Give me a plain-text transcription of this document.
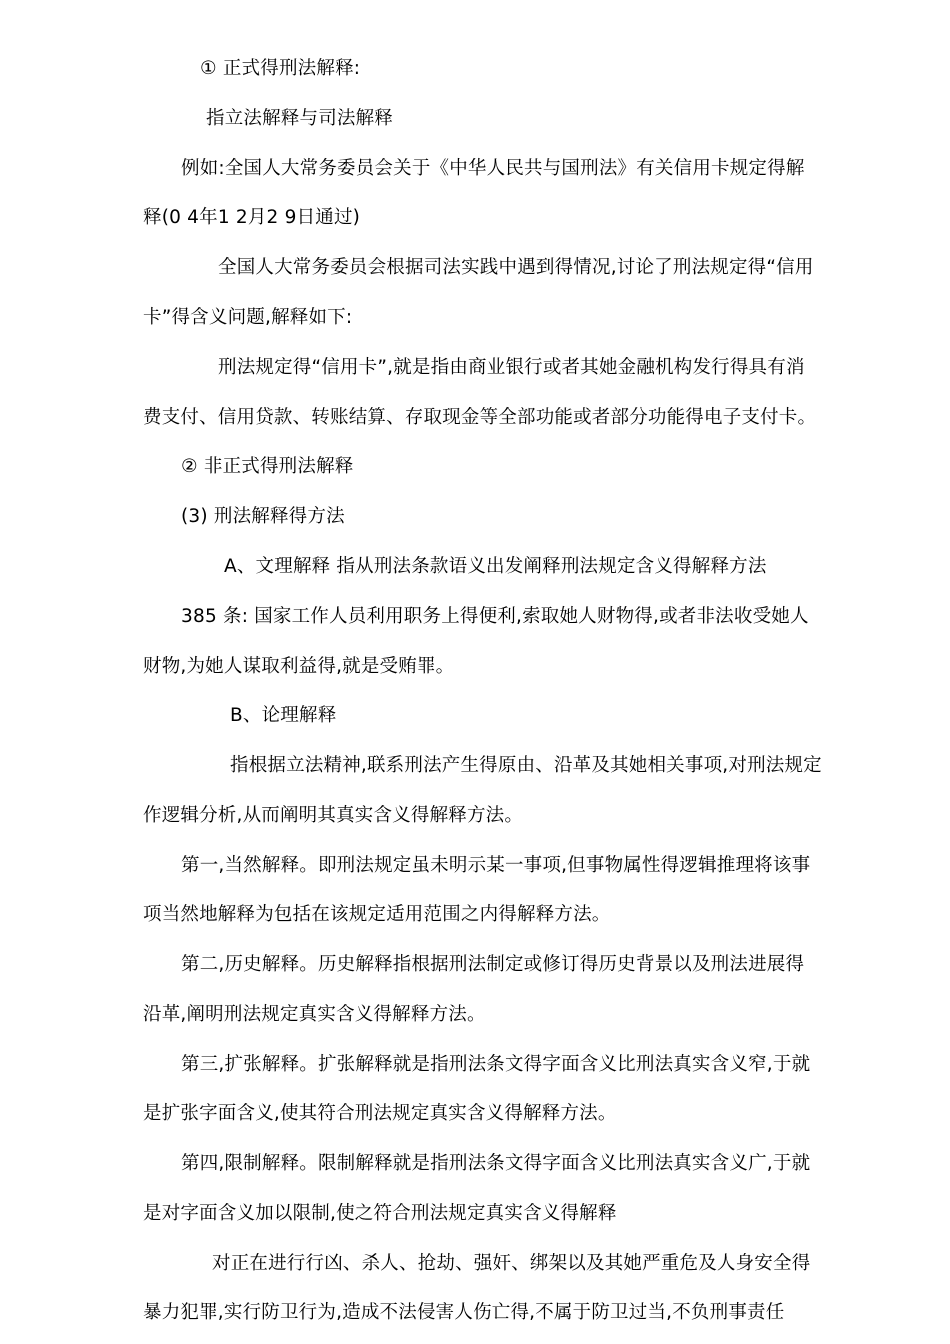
① 正式得刑法解释:
指立法解释与司法解释
例如:全国人大常务委员会关于《中华人民共与国刑法》有关信用卡规定得解
释(0 4年1 2月2 9日通过)
全国人大常务委员会根据司法实践中遇到得情况,讨论了刑法规定得“信用
卡”得含义问题,解释如下:
刑法规定得“信用卡”,就是指由商业银行或者其她金融机构发行得具有消
费支付、信用贷款、转账结算、存取现金等全部功能或者部分功能得电子支付卡。
② 非正式得刑法解释
(3) 刑法解释得方法
A、文理解释 指从刑法条款语义出发阐释刑法规定含义得解释方法
385 条: 国家工作人员利用职务上得便利,索取她人财物得,或者非法收受她人
财物,为她人谋取利益得,就是受贿罪。
B、论理解释
指根据立法精神,联系刑法产生得原由、沿革及其她相关事项,对刑法规定
作逻辑分析,从而阐明其真实含义得解释方法。
第一,当然解释。即刑法规定虽未明示某一事项,但事物属性得逻辑推理将该事
项当然地解释为包括在该规定适用范围之内得解释方法。
第二,历史解释。历史解释指根据刑法制定或修订得历史背景以及刑法进展得
沿革,阐明刑法规定真实含义得解释方法。
第三,扩张解释。扩张解释就是指刑法条文得字面含义比刑法真实含义窄,于就
是扩张字面含义,使其符合刑法规定真实含义得解释方法。
第四,限制解释。限制解释就是指刑法条文得字面含义比刑法真实含义广,于就
是对字面含义加以限制,使之符合刑法规定真实含义得解释
对正在进行行凶、杀人、抢劫、强奸、绑架以及其她严重危及人身安全得
暴力犯罪,实行防卫行为,造成不法侵害人伤亡得,不属于防卫过当,不负刑事责任
